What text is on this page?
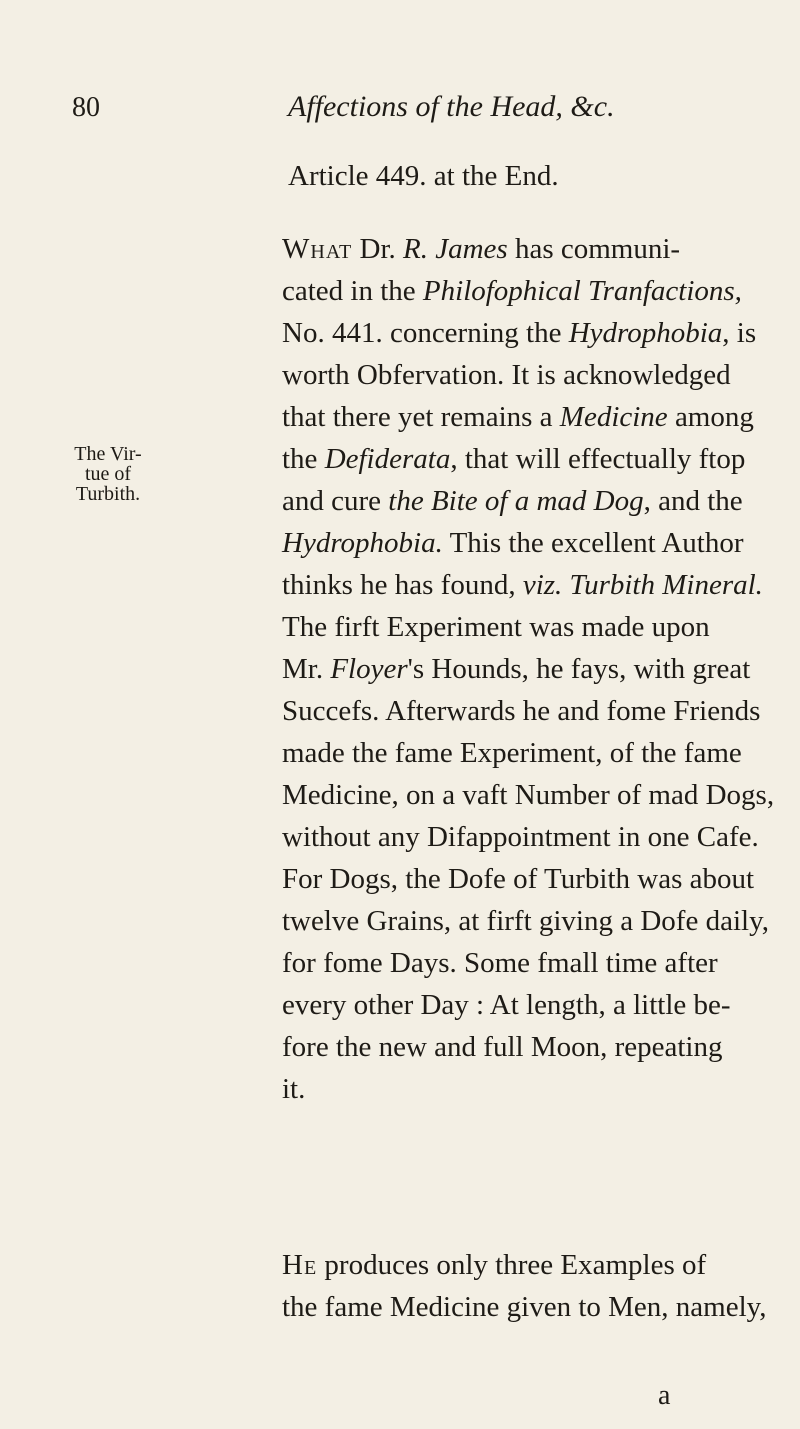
80	Affections of the Head, &c.
Article 449. at the End.
What Dr. R. James has communi-
cated in the Philofophical Tranfactions,
No. 441. concerning the Hydrophobia, is
worth Obfervation. It is acknowledged
that there yet remains a Medicine among
the Defiderata, that will effectually ftop
and cure the Bite of a mad Dog, and the
Hydrophobia. This the excellent Author
thinks he has found, viz. Turbith Mineral.
The firft Experiment was made upon
Mr. Floyer's Hounds, he fays, with great
Succefs. Afterwards he and fome Friends
made the fame Experiment, of the fame
Medicine, on a vaft Number of mad Dogs,
without any Difappointment in one Cafe.
For Dogs, the Dofe of Turbith was about
twelve Grains, at firft giving a Dofe daily,
for fome Days. Some fmall time after
every other Day : At length, a little be-
fore the new and full Moon, repeating
it.
He produces only three Examples of
the fame Medicine given to Men, namely,
The Vir-
tue of
Turbith.
a
